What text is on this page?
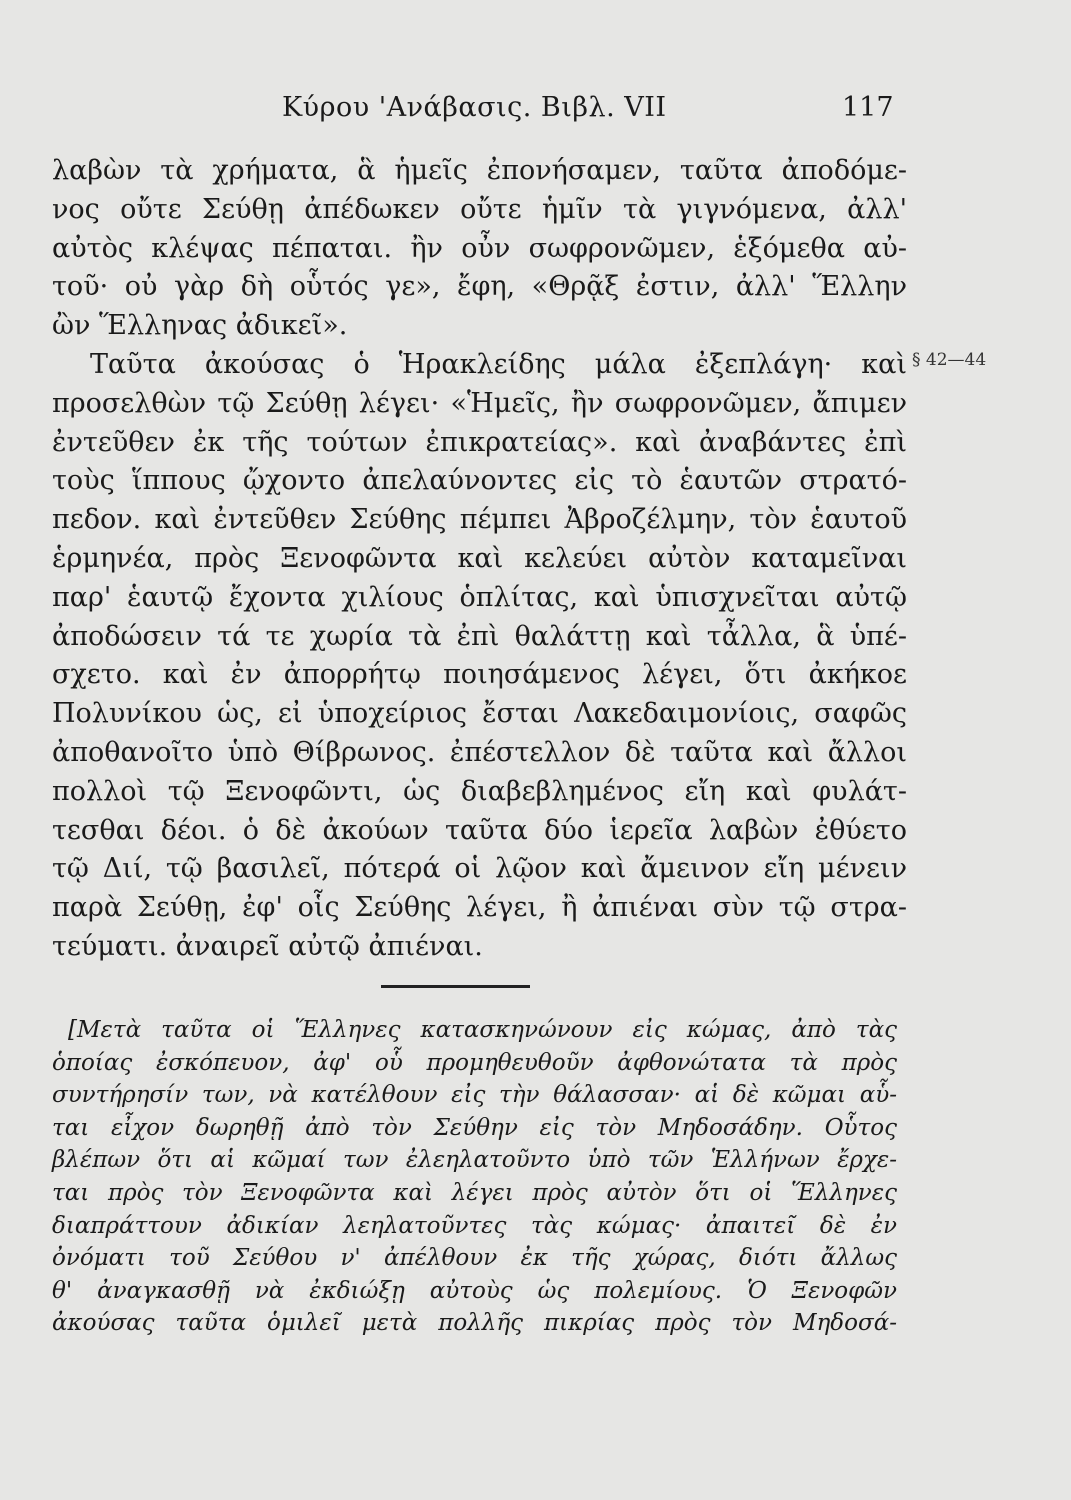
Κύρου 'Ανάβασις. Βιβλ. VII	117
λαβὼν τὰ χρήματα, ἃ ἡμεῖς ἐπονήσαμεν, ταῦτα ἀποδόμε-
νος οὔτε Σεύθῃ ἀπέδωκεν οὔτε ἡμῖν τὰ γιγνόμενα, ἀλλ'
αὐτὸς κλέψας πέπαται. ἢν οὖν σωφρονῶμεν, ἑξόμεθα αὐ-
τοῦ· οὐ γὰρ δὴ οὗτός γε», ἔφη, «Θρᾷξ ἐστιν, ἀλλ' Ἕλλην
ὢν Ἕλληνας ἀδικεῖ».
Ταῦτα ἀκούσας ὁ Ἡρακλείδης μάλα ἐξεπλάγη· καὶ
προσελθὼν τῷ Σεύθῃ λέγει· «Ἡμεῖς, ἢν σωφρονῶμεν, ἄπιμεν
ἐντεῦθεν ἐκ τῆς τούτων ἐπικρατείας». καὶ ἀναβάντες ἐπὶ
τοὺς ἵππους ᾤχοντο ἀπελαύνοντες εἰς τὸ ἑαυτῶν στρατό-
πεδον. καὶ ἐντεῦθεν Σεύθης πέμπει Ἀβροζέλμην, τὸν ἑαυτοῦ
ἑρμηνέα, πρὸς Ξενοφῶντα καὶ κελεύει αὐτὸν καταμεῖναι
παρ' ἑαυτῷ ἔχοντα χιλίους ὁπλίτας, καὶ ὑπισχνεῖται αὐτῷ
ἀποδώσειν τά τε χωρία τὰ ἐπὶ θαλάττῃ καὶ τἆλλα, ἃ ὑπέ-
σχετο. καὶ ἐν ἀπορρήτῳ ποιησάμενος λέγει, ὅτι ἀκήκοε
Πολυνίκου ὡς, εἰ ὑποχείριος ἔσται Λακεδαιμονίοις, σαφῶς
ἀποθανοῖτο ὑπὸ Θίβρωνος. ἐπέστελλον δὲ ταῦτα καὶ ἄλλοι
πολλοὶ τῷ Ξενοφῶντι, ὡς διαβεβλημένος εἴη καὶ φυλάτ-
τεσθαι δέοι. ὁ δὲ ἀκούων ταῦτα δύο ἱερεῖα λαβὼν ἐθύετο
τῷ Διί, τῷ βασιλεῖ, πότερά οἱ λῷον καὶ ἄμεινον εἴη μένειν
παρὰ Σεύθῃ, ἐφ' οἷς Σεύθης λέγει, ἢ ἀπιέναι σὺν τῷ στρα-
τεύματι. ἀναιρεῖ αὐτῷ ἀπιέναι.
§ 42—44
[Μετὰ ταῦτα οἱ Ἕλληνες κατασκηνώνουν εἰς κώμας, ἀπὸ τὰς
ὁποίας ἐσκόπευον, ἀφ' οὗ προμηθευθοῦν ἀφθονώτατα τὰ πρὸς
συντήρησίν των, νὰ κατέλθουν εἰς τὴν θάλασσαν· αἱ δὲ κῶμαι αὗ-
ται εἶχον δωρηθῇ ἀπὸ τὸν Σεύθην εἰς τὸν Μηδοσάδην. Οὗτος
βλέπων ὅτι αἱ κῶμαί των ἐλεηλατοῦντο ὑπὸ τῶν Ἑλλήνων ἔρχε-
ται πρὸς τὸν Ξενοφῶντα καὶ λέγει πρὸς αὐτὸν ὅτι οἱ Ἕλληνες
διαπράττουν ἀδικίαν λεηλατοῦντες τὰς κώμας· ἀπαιτεῖ δὲ ἐν
ὀνόματι τοῦ Σεύθου ν' ἀπέλθουν ἐκ τῆς χώρας, διότι ἄλλως
θ' ἀναγκασθῇ νὰ ἐκδιώξῃ αὐτοὺς ὡς πολεμίους. Ὁ Ξενοφῶν
ἀκούσας ταῦτα ὁμιλεῖ μετὰ πολλῆς πικρίας πρὸς τὸν Μηδοσά-
